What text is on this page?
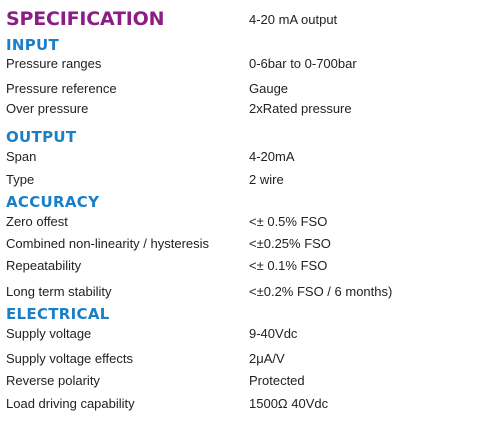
SPECIFICATION	4-20 mA output
INPUT
Pressure ranges	0-6bar to 0-700bar
Pressure reference	Gauge
Over pressure	2xRated pressure
OUTPUT
Span	4-20mA
Type	2 wire
ACCURACY
Zero offest	<± 0.5% FSO
Combined non-linearity / hysteresis	<±0.25% FSO
Repeatability	<± 0.1% FSO
Long term stability	<±0.2% FSO / 6 months)
ELECTRICAL
Supply voltage	9-40Vdc
Supply voltage effects	2μA/V
Reverse polarity	Protected
Load driving capability	1500Ω 40Vdc
